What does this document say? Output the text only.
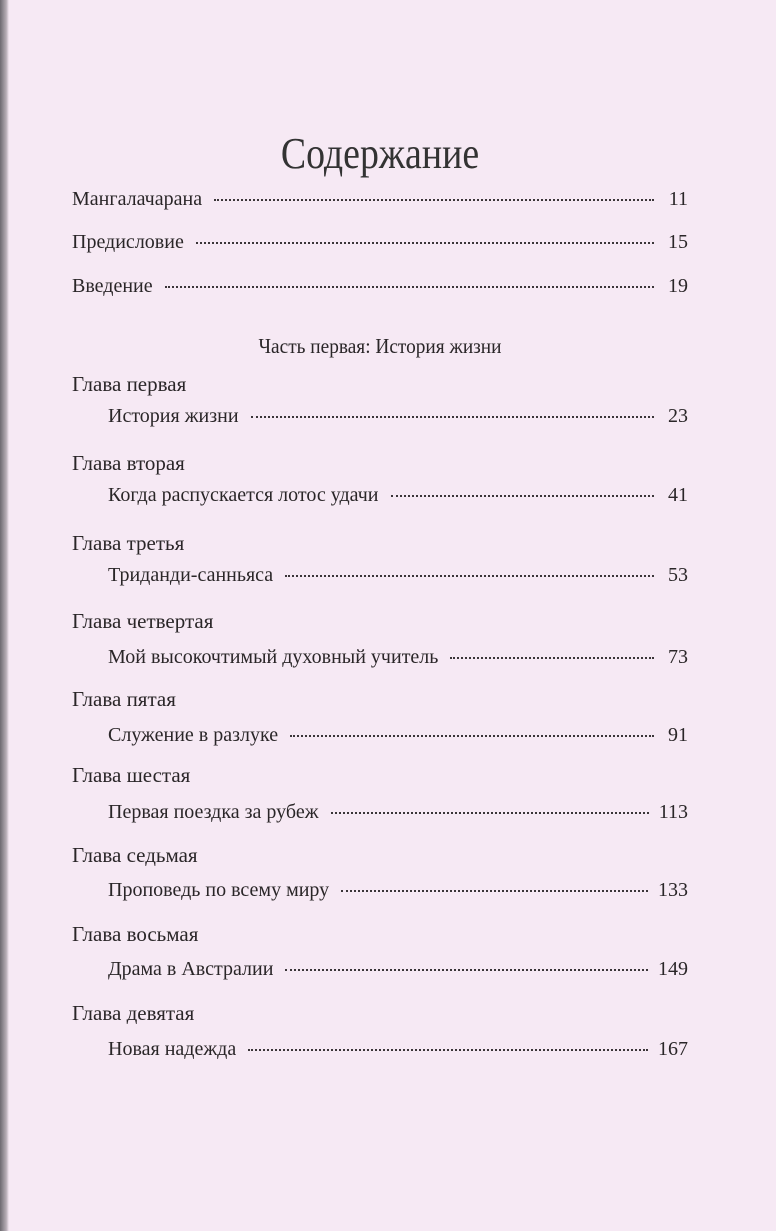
Содержание
Мангалачарана	11
Предисловие	15
Введение	19
Часть первая: История жизни
Глава первая
История жизни	23
Глава вторая
Когда распускается лотос удачи	41
Глава третья
Триданди-санньяса	53
Глава четвертая
Мой высокочтимый духовный учитель	73
Глава пятая
Служение в разлуке	91
Глава шестая
Первая поездка за рубеж	113
Глава седьмая
Проповедь по всему миру	133
Глава восьмая
Драма в Австралии	149
Глава девятая
Новая надежда	167
